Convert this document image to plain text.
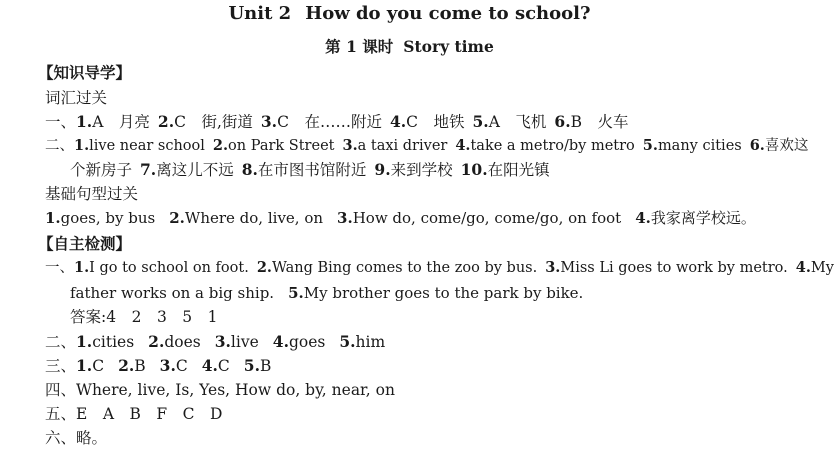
Unit 2 How do you come to school?
第 1 课时 Story time
【知识导学】
词汇过关
一、1.A　月亮 2.C　街,街道 3.C　在……附近 4.C　地铁 5.A　飞机 6.B　火车
二、1.live near school 2.on Park Street 3.a taxi driver 4.take a metro/by metro 5.many cities 6.喜欢这
个新房子 7.离这儿不远 8.在市图书馆附近 9.来到学校 10.在阳光镇
基础句型过关
1.goes, by bus 2.Where do, live, on 3.How do, come/go, come/go, on foot 4.我家离学校远。
【自主检测】
一、1.I go to school on foot. 2.Wang Bing comes to the zoo by bus. 3.Miss Li goes to work by metro. 4.My
father works on a big ship. 5.My brother goes to the park by bike.
答案:4　2　3　5　1
二、1.cities 2.does 3.live 4.goes 5.him
三、1.C 2.B 3.C 4.C 5.B
四、Where, live, Is, Yes, How do, by, near, on
五、E　A　B　F　C　D
六、略。
